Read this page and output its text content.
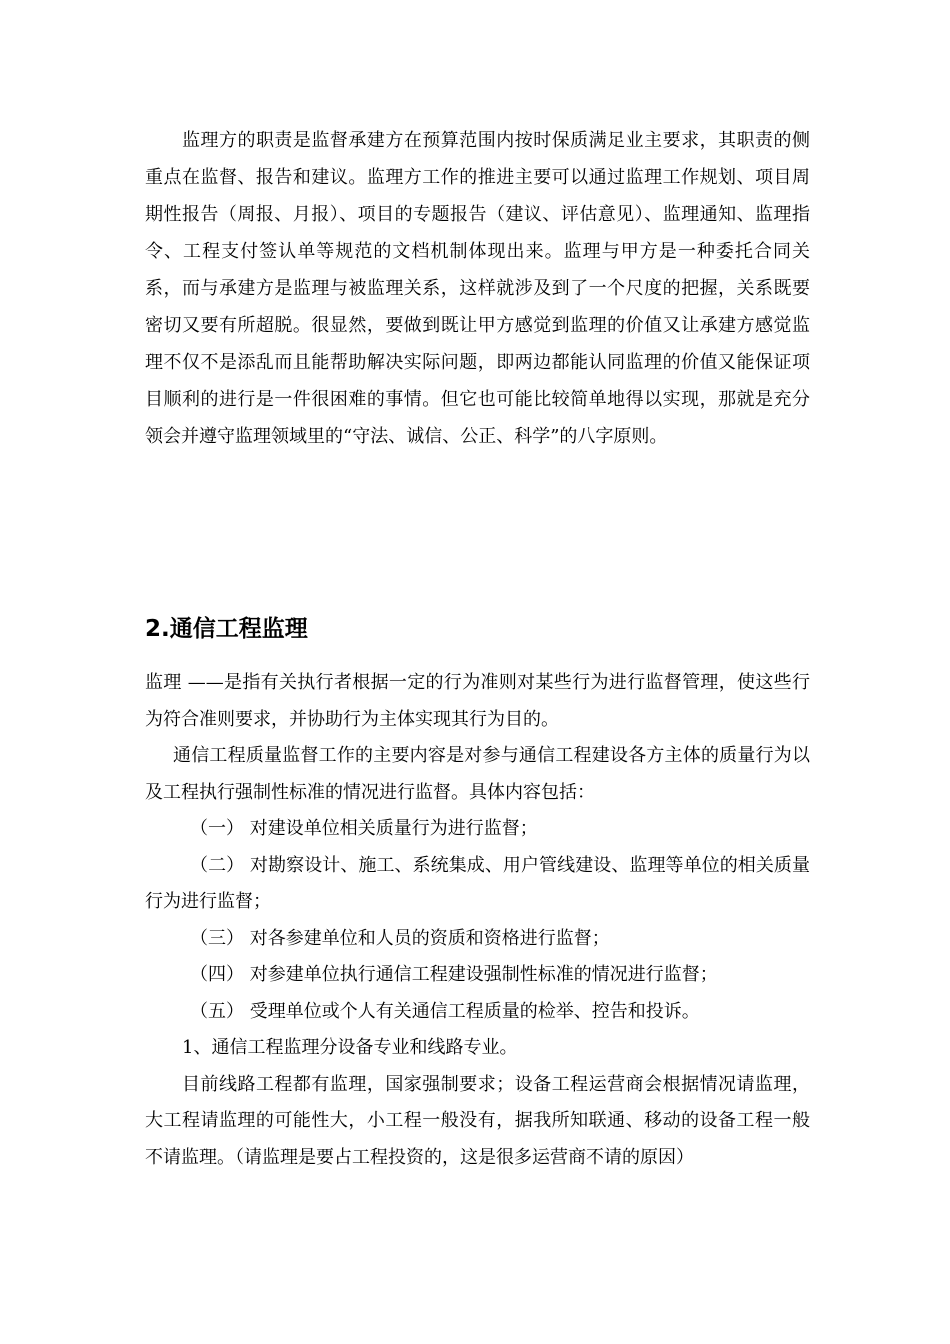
监理方的职责是监督承建方在预算范围内按时保质满足业主要求，其职责的侧重点在监督、报告和建议。监理方工作的推进主要可以通过监理工作规划、项目周期性报告（周报、月报）、项目的专题报告（建议、评估意见）、监理通知、监理指令、工程支付签认单等规范的文档机制体现出来。监理与甲方是一种委托合同关系，而与承建方是监理与被监理关系，这样就涉及到了一个尺度的把握，关系既要密切又要有所超脱。很显然，要做到既让甲方感觉到监理的价值又让承建方感觉监理不仅不是添乱而且能帮助解决实际问题，即两边都能认同监理的价值又能保证项目顺利的进行是一件很困难的事情。但它也可能比较简单地得以实现，那就是充分领会并遵守监理领域里的“守法、诚信、公正、科学”的八字原则。

2.通信工程监理

监理 ——是指有关执行者根据一定的行为准则对某些行为进行监督管理，使这些行为符合准则要求，并协助行为主体实现其行为目的。

通信工程质量监督工作的主要内容是对参与通信工程建设各方主体的质量行为以及工程执行强制性标准的情况进行监督。具体内容包括：

（一） 对建设单位相关质量行为进行监督；

（二） 对勘察设计、施工、系统集成、用户管线建设、监理等单位的相关质量行为进行监督；

（三） 对各参建单位和人员的资质和资格进行监督；

（四） 对参建单位执行通信工程建设强制性标准的情况进行监督；

（五） 受理单位或个人有关通信工程质量的检举、控告和投诉。

1、通信工程监理分设备专业和线路专业。

目前线路工程都有监理，国家强制要求；设备工程运营商会根据情况请监理，大工程请监理的可能性大，小工程一般没有，据我所知联通、移动的设备工程一般不请监理。（请监理是要占工程投资的，这是很多运营商不请的原因）
